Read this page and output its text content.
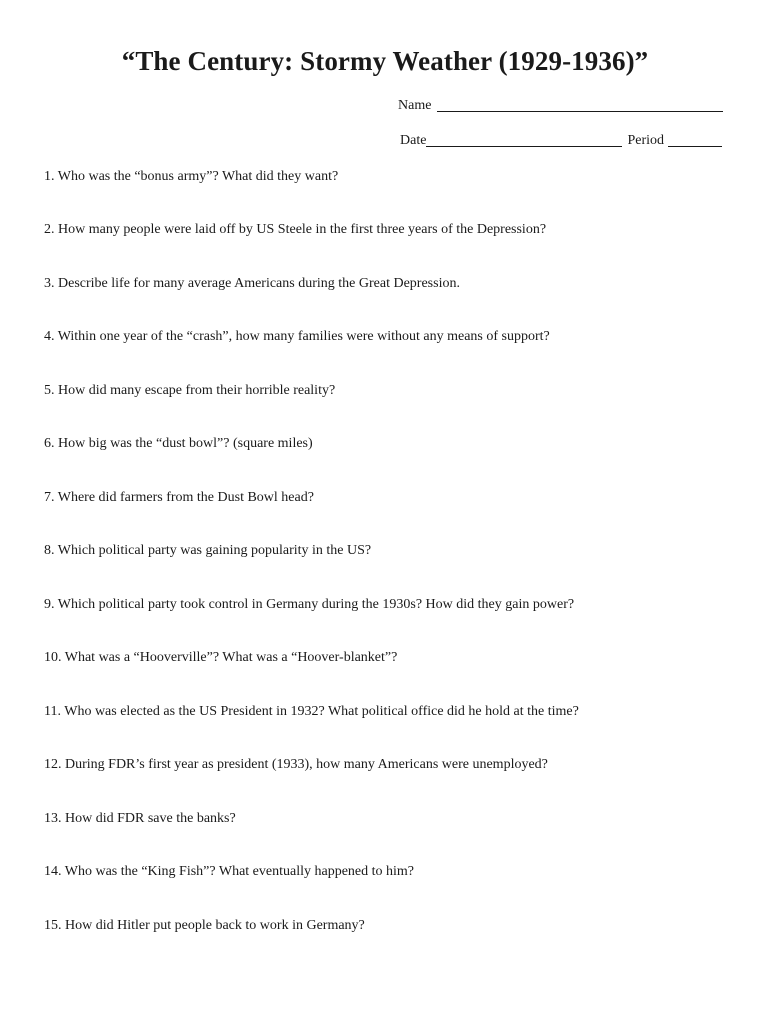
“The Century: Stormy Weather (1929-1936)”
Name
Date	Period

1. Who was the “bonus army”? What did they want?

2. How many people were laid off by US Steele in the first three years of the Depression?

3. Describe life for many average Americans during the Great Depression.

4. Within one year of the “crash”, how many families were without any means of support?

5. How did many escape from their horrible reality?

6. How big was the “dust bowl”? (square miles)

7. Where did farmers from the Dust Bowl head?

8. Which political party was gaining popularity in the US?

9. Which political party took control in Germany during the 1930s? How did they gain power?

10. What was a “Hooverville”? What was a “Hoover-blanket”?

11. Who was elected as the US President in 1932? What political office did he hold at the time?

12. During FDR’s first year as president (1933), how many Americans were unemployed?

13. How did FDR save the banks?

14. Who was the “King Fish”? What eventually happened to him?

15. How did Hitler put people back to work in Germany?
